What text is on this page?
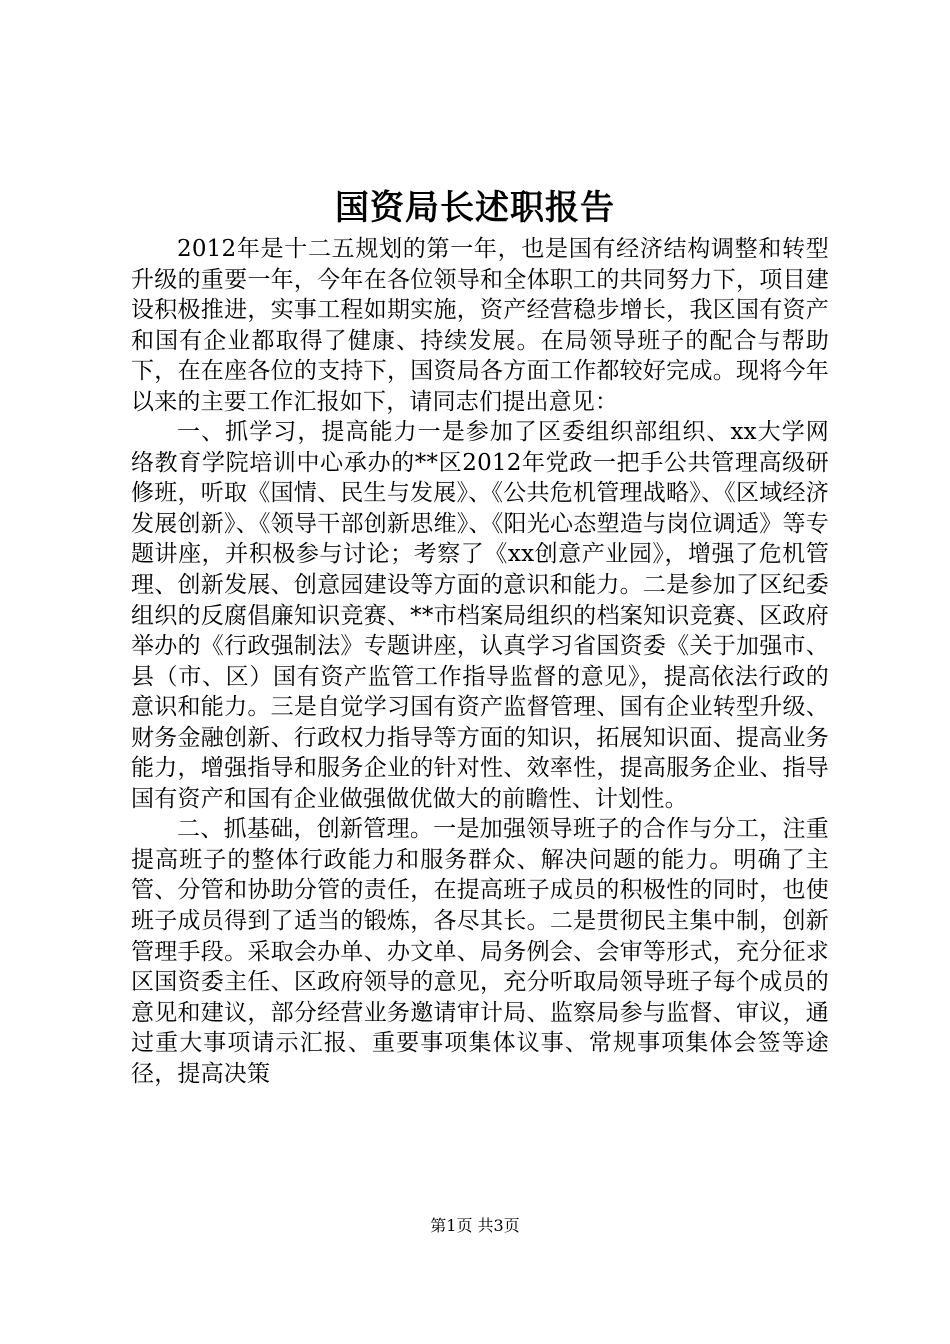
国资局长述职报告

2012年是十二五规划的第一年，也是国有经济结构调整和转型升级的重要一年，今年在各位领导和全体职工的共同努力下，项目建设积极推进，实事工程如期实施，资产经营稳步增长，我区国有资产和国有企业都取得了健康、持续发展。在局领导班子的配合与帮助下，在在座各位的支持下，国资局各方面工作都较好完成。现将今年以来的主要工作汇报如下，请同志们提出意见：

一、抓学习，提高能力一是参加了区委组织部组织、xx大学网络教育学院培训中心承办的**区2012年党政一把手公共管理高级研修班，听取《国情、民生与发展》、《公共危机管理战略》、《区域经济发展创新》、《领导干部创新思维》、《阳光心态塑造与岗位调适》等专题讲座，并积极参与讨论；考察了《xx创意产业园》，增强了危机管理、创新发展、创意园建设等方面的意识和能力。二是参加了区纪委组织的反腐倡廉知识竞赛、**市档案局组织的档案知识竞赛、区政府举办的《行政强制法》专题讲座，认真学习省国资委《关于加强市、县（市、区）国有资产监管工作指导监督的意见》，提高依法行政的意识和能力。三是自觉学习国有资产监督管理、国有企业转型升级、财务金融创新、行政权力指导等方面的知识，拓展知识面、提高业务能力，增强指导和服务企业的针对性、效率性，提高服务企业、指导国有资产和国有企业做强做优做大的前瞻性、计划性。

二、抓基础，创新管理。一是加强领导班子的合作与分工，注重提高班子的整体行政能力和服务群众、解决问题的能力。明确了主管、分管和协助分管的责任，在提高班子成员的积极性的同时，也使班子成员得到了适当的锻炼，各尽其长。二是贯彻民主集中制，创新管理手段。采取会办单、办文单、局务例会、会审等形式，充分征求区国资委主任、区政府领导的意见，充分听取局领导班子每个成员的意见和建议，部分经营业务邀请审计局、监察局参与监督、审议，通过重大事项请示汇报、重要事项集体议事、常规事项集体会签等途径，提高决策

第1页 共3页
